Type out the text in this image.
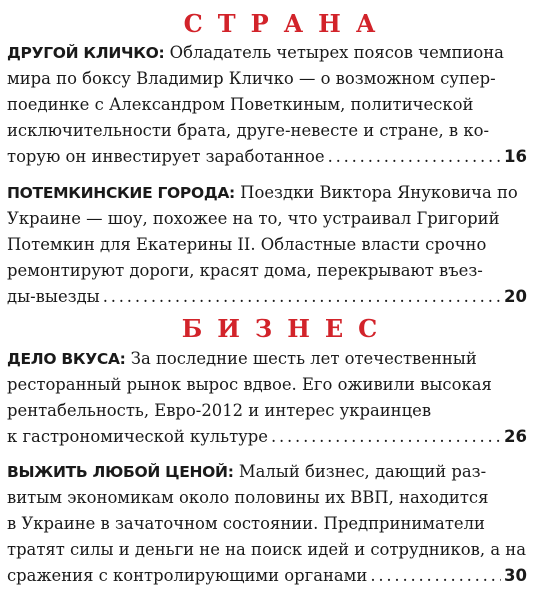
СТРАНА
ДРУГОЙ КЛИЧКО: Обладатель четырех поясов чемпиона
мира по боксу Владимир Кличко — о возможном супер-
поединке с Александром Поветкиным, политической
исключительности брата, друге-невесте и стране, в ко-
торую он инвестирует заработанное . . .	16
ПОТЕМКИНСКИЕ ГОРОДА: Поездки Виктора Януковича по
Украине — шоу, похожее на то, что устраивал Григорий
Потемкин для Екатерины II. Областные власти срочно
ремонтируют дороги, красят дома, перекрывают въез-
ды-выезды . . .	20
БИЗНЕС
ДЕЛО ВКУСА: За последние шесть лет отечественный
ресторанный рынок вырос вдвое. Его оживили высокая
рентабельность, Евро-2012 и интерес украинцев
к гастрономической культуре . . .	26
ВЫЖИТЬ ЛЮБОЙ ЦЕНОЙ: Малый бизнес, дающий раз-
витым экономикам около половины их ВВП, находится
в Украине в зачаточном состоянии. Предприниматели
тратят силы и деньги не на поиск идей и сотрудников, а на
сражения с контролирующими органами . . .	30
